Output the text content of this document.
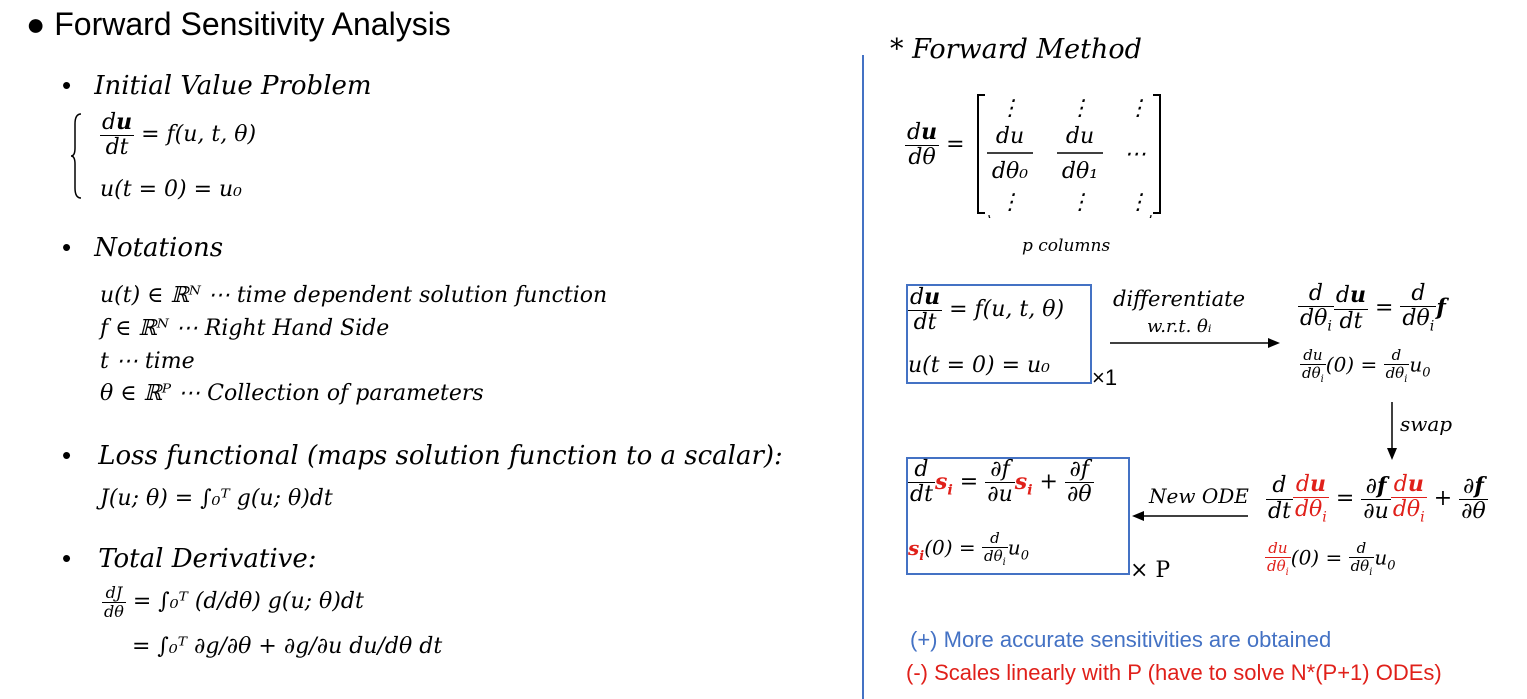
● Forward Sensitivity Analysis
• Initial Value Problem
$\frac{du}{dt} = f(u$, t, θ)
u(t = 0) = u₀
• Notations
u(t) ∈ ℝᴺ ⋯ time dependent solution function
f ∈ ℝᴺ ⋯ Right Hand Side
t ⋯ time
θ ∈ ℝᴾ ⋯ Collection of parameters
• Loss functional (maps solution function to a scalar):
J(u; θ) = ∫₀ᵀ g(u; θ)dt
• Total Derivative:
$\frac{dJ}{d\theta}$ = ∫₀ᵀ (d/dθ) g(u; θ)dt
= ∫₀ᵀ ∂g/∂θ + ∂g/∂u du/dθ dt
* Forward Method
$\frac{du}{d\theta}$ =
⋮ ⋮ ⋮
du du
dθ₀ dθ₁
⋯
⋮ ⋮ ⋮
p columns
$\frac{du}{dt} = f(u$, t, θ)
u(t = 0) = u₀ ×1
differentiate
w.r.t. θᵢ	$\frac{d}{d\theta_i} \frac{du}{dt} = \frac{d}{d\theta_i}$ f
$\frac{du}{d\theta_i} (0) = \frac{d}{d\theta_i} u_0$
swap
$\frac{d}{dt} \frac{du}{d\theta_i} = \frac{\partial f}{\partial u} \frac{du}{d\theta_i} + \frac{\partial f}{\partial\theta}$
$\frac{du}{d\theta_i} (0) = \frac{d}{d\theta_i} u_0$
New ODE
$\frac{d}{dt} s_i = \frac{\partial f}{\partial u} s_i + \frac{\partial f}{\partial\theta}$
$s_i(0) = \frac{d}{d\theta_i} u_0$
× P
(+) More accurate sensitivities are obtained
(-) Scales linearly with P (have to solve N*(P+1) ODEs)
